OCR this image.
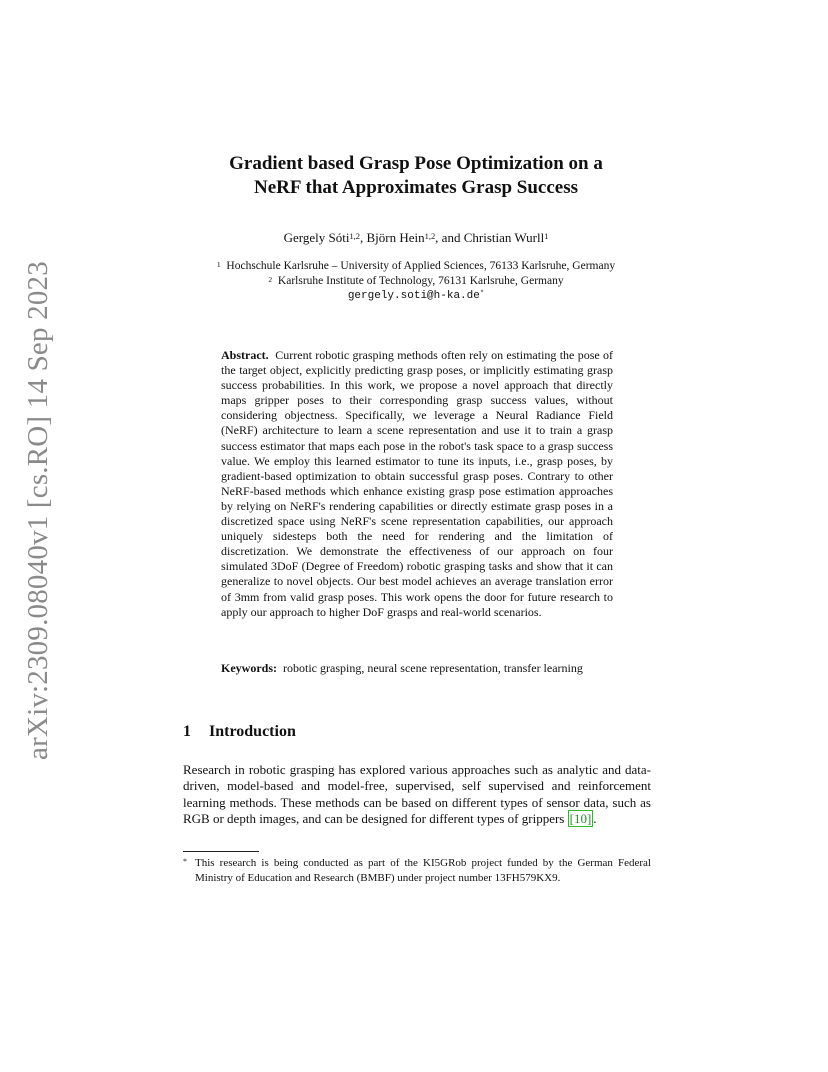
arXiv:2309.08040v1 [cs.RO] 14 Sep 2023
Gradient based Grasp Pose Optimization on a
NeRF that Approximates Grasp Success
Gergely Sóti$^{1,2}$, Björn Hein$^{1,2}$, and Christian Wurll$^1$
$^1$ Hochschule Karlsruhe – University of Applied Sciences, 76133 Karlsruhe, Germany
$^2$ Karlsruhe Institute of Technology, 76131 Karlsruhe, Germany
gergely.soti@h-ka.de*
Abstract. Current robotic grasping methods often rely on estimating the pose of the target object, explicitly predicting grasp poses, or implicitly estimating grasp success probabilities. In this work, we propose a novel approach that directly maps gripper poses to their corresponding grasp success values, without considering objectness. Specifically, we leverage a Neural Radiance Field (NeRF) architecture to learn a scene representation and use it to train a grasp success estimator that maps each pose in the robot's task space to a grasp success value. We employ this learned estimator to tune its inputs, i.e., grasp poses, by gradient-based optimization to obtain successful grasp poses. Contrary to other NeRF-based methods which enhance existing grasp pose estimation approaches by relying on NeRF's rendering capabilities or directly estimate grasp poses in a discretized space using NeRF's scene representation capabilities, our approach uniquely sidesteps both the need for rendering and the limitation of discretization. We demonstrate the effectiveness of our approach on four simulated 3DoF (Degree of Freedom) robotic grasping tasks and show that it can generalize to novel objects. Our best model achieves an average translation error of 3mm from valid grasp poses. This work opens the door for future research to apply our approach to higher DoF grasps and real-world scenarios.
Keywords: robotic grasping, neural scene representation, transfer learning
1 Introduction
Research in robotic grasping has explored various approaches such as analytic and data-driven, model-based and model-free, supervised, self supervised and reinforcement learning methods. These methods can be based on different types of sensor data, such as RGB or depth images, and can be designed for different types of grippers [10] .
* This research is being conducted as part of the KI5GRob project funded by the German Federal Ministry of Education and Research (BMBF) under project number 13FH579KX9.
